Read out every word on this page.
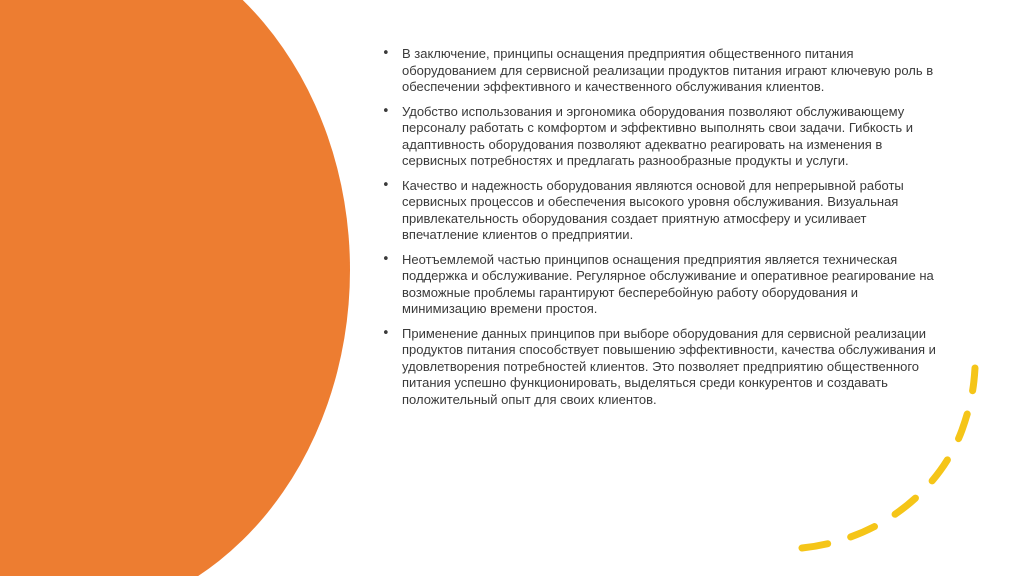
• В заключение, принципы оснащения предприятия общественного питания оборудованием для сервисной реализации продуктов питания играют ключевую роль в обеспечении эффективного и качественного обслуживания клиентов.
• Удобство использования и эргономика оборудования позволяют обслуживающему персоналу работать с комфортом и эффективно выполнять свои задачи. Гибкость и адаптивность оборудования позволяют адекватно реагировать на изменения в сервисных потребностях и предлагать разнообразные продукты и услуги.
• Качество и надежность оборудования являются основой для непрерывной работы сервисных процессов и обеспечения высокого уровня обслуживания. Визуальная привлекательность оборудования создает приятную атмосферу и усиливает впечатление клиентов о предприятии.
• Неотъемлемой частью принципов оснащения предприятия является техническая поддержка и обслуживание. Регулярное обслуживание и оперативное реагирование на возможные проблемы гарантируют бесперебойную работу оборудования и минимизацию времени простоя.
• Применение данных принципов при выборе оборудования для сервисной реализации продуктов питания способствует повышению эффективности, качества обслуживания и удовлетворения потребностей клиентов. Это позволяет предприятию общественного питания успешно функционировать, выделяться среди конкурентов и создавать положительный опыт для своих клиентов.
